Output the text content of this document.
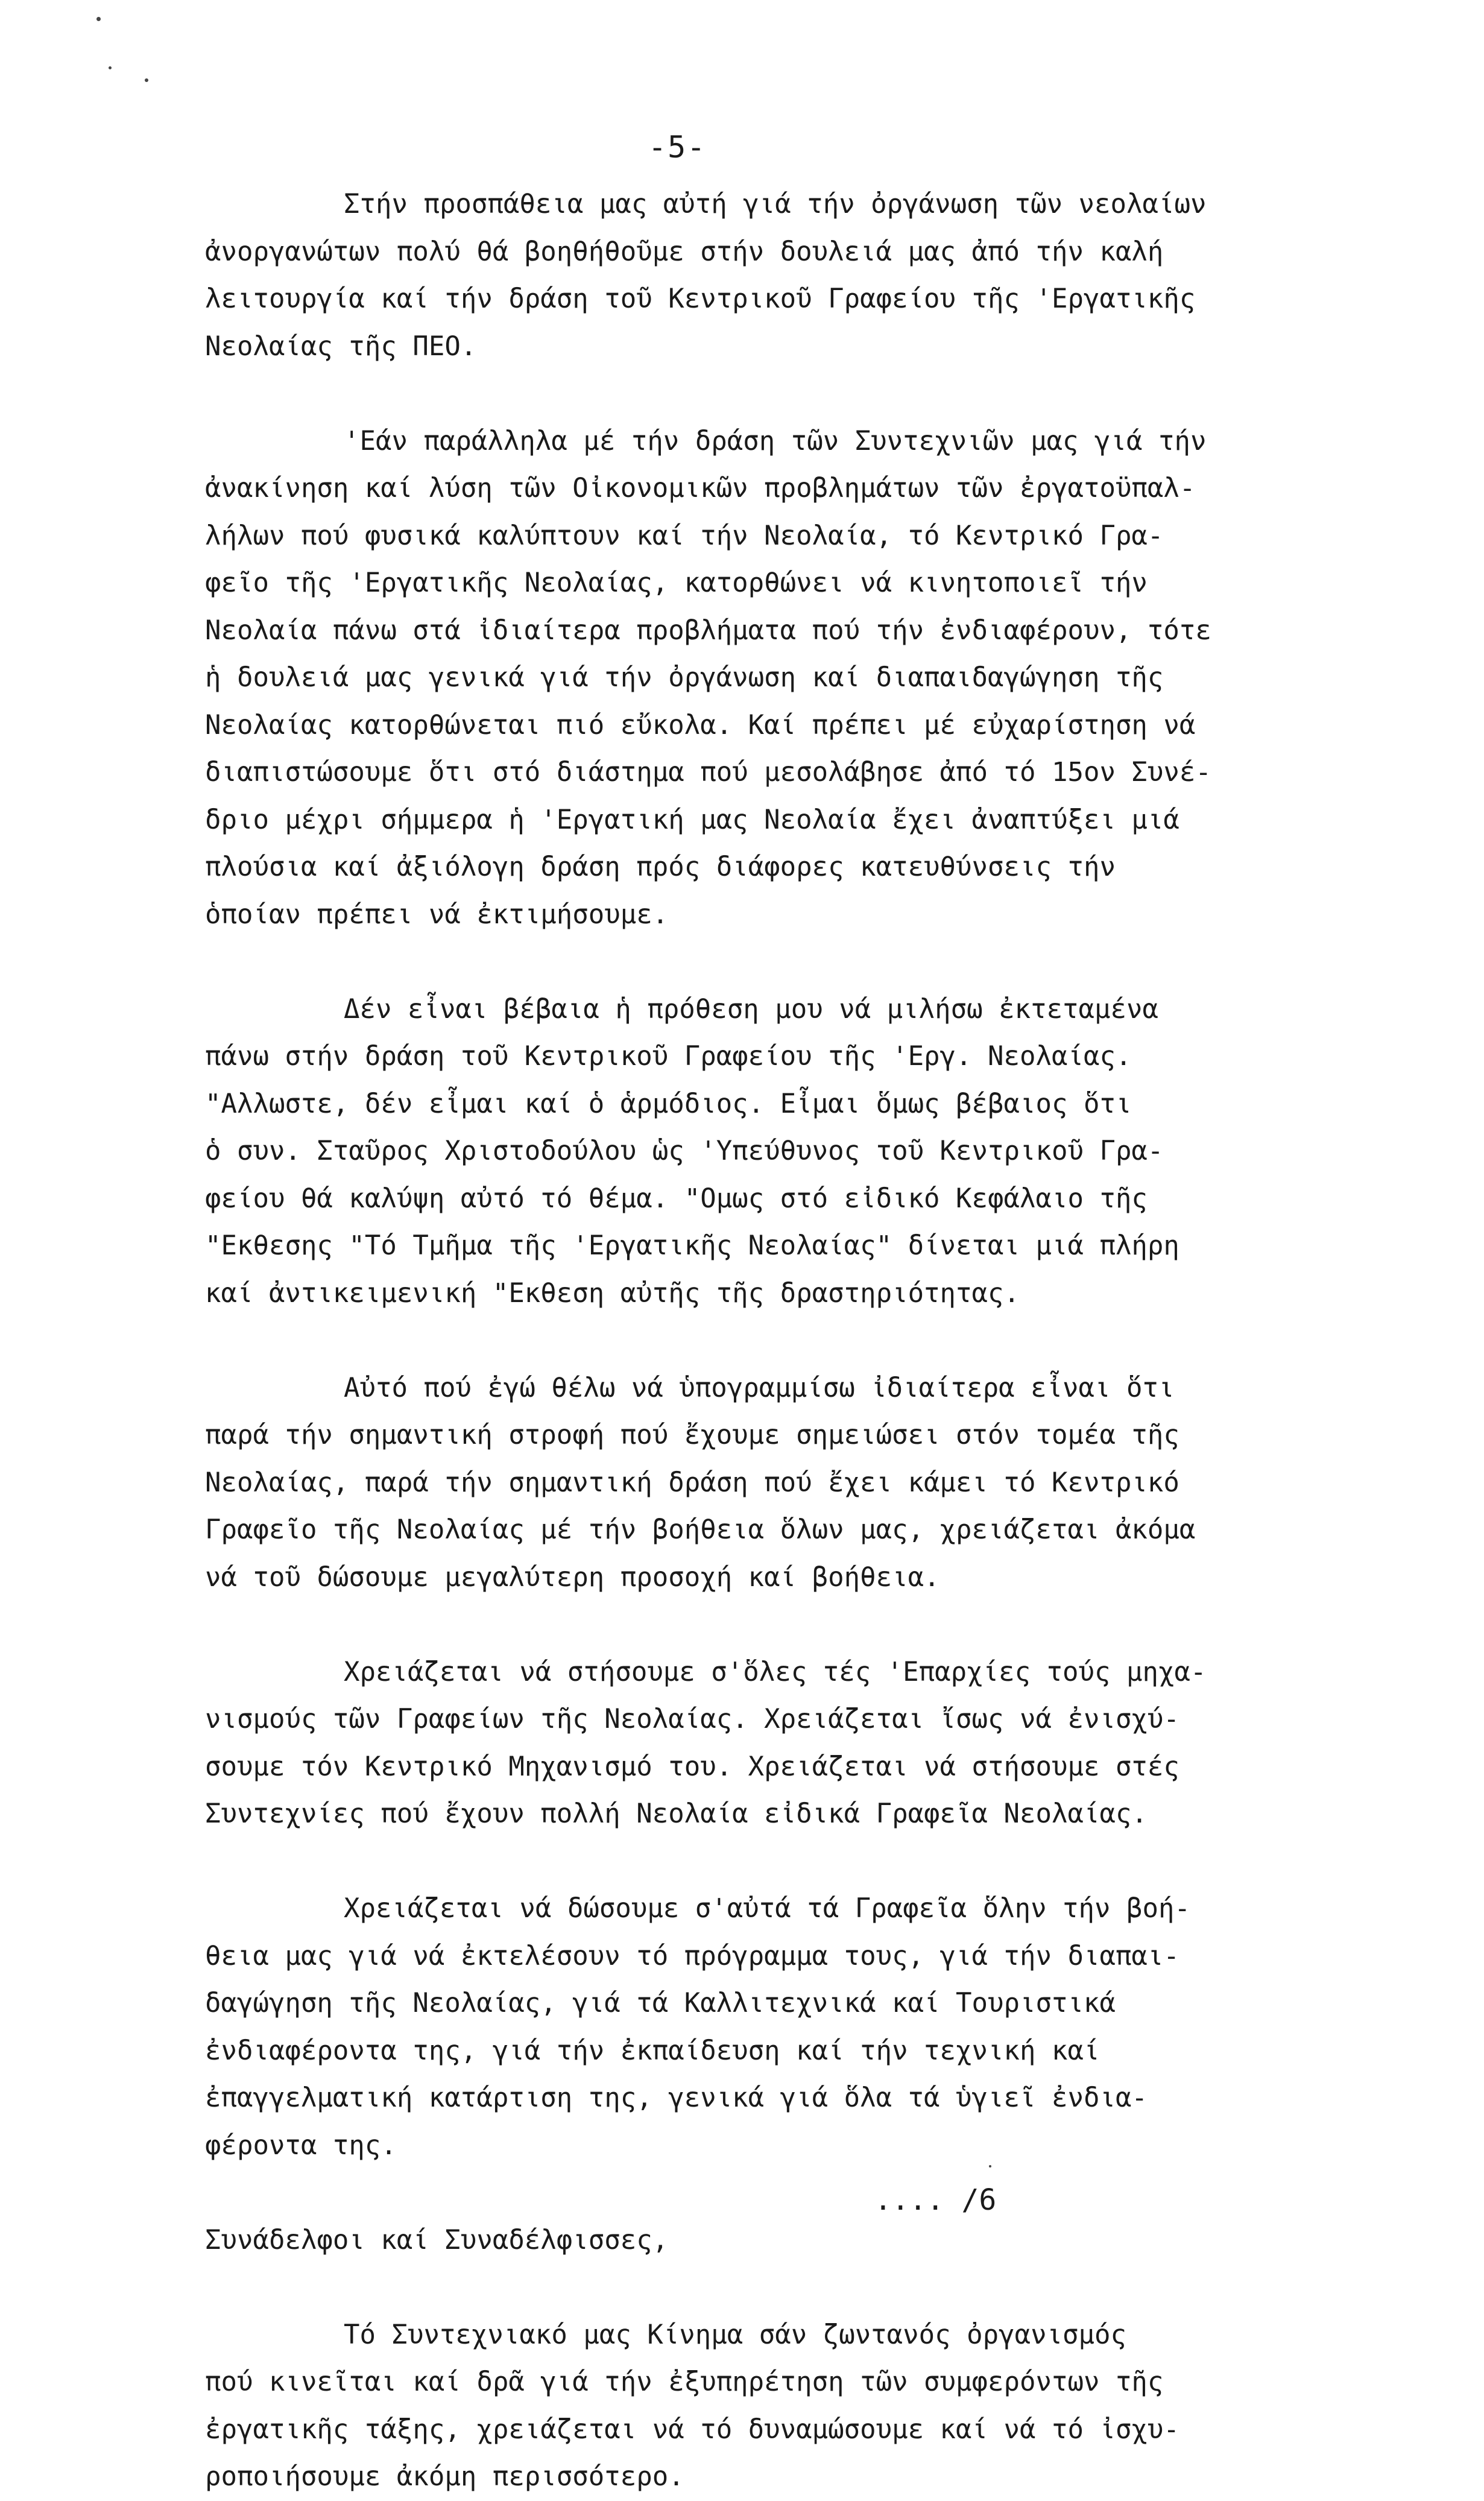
-5-
Στήν προσπάθεια μας αὐτή γιά τήν ὀργάνωση τῶν νεολαίων
ἀνοργανώτων πολύ θά βοηθήθοῦμε στήν δουλειά μας ἀπό τήν καλή
λειτουργία καί τήν δράση τοῦ Κεντρικοῦ Γραφείου τῆς 'Εργατικῆς
Νεολαίας τῆς ΠΕΟ.
'Εάν παράλληλα μέ τήν δράση τῶν Συντεχνιῶν μας γιά τήν
ἀνακίνηση καί λύση τῶν Οἰκονομικῶν προβλημάτων τῶν ἐργατοϋπαλ-
λήλων πού φυσικά καλύπτουν καί τήν Νεολαία, τό Κεντρικό Γρα-
φεῖο τῆς 'Εργατικῆς Νεολαίας, κατορθώνει νά κινητοποιεῖ τήν
Νεολαία πάνω στά ἰδιαίτερα προβλήματα πού τήν ἐνδιαφέρουν, τότε
ἡ δουλειά μας γενικά γιά τήν ὀργάνωση καί διαπαιδαγώγηση τῆς
Νεολαίας κατορθώνεται πιό εὔκολα. Καί πρέπει μέ εὐχαρίστηση νά
διαπιστώσουμε ὅτι στό διάστημα πού μεσολάβησε ἀπό τό 15ον Συνέ-
δριο μέχρι σήμμερα ἡ 'Εργατική μας Νεολαία ἔχει ἀναπτύξει μιά
πλούσια καί ἀξιόλογη δράση πρός διάφορες κατευθύνσεις τήν
ὁποίαν πρέπει νά ἐκτιμήσουμε.
Δέν εἶναι βέβαια ἡ πρόθεση μου νά μιλήσω ἐκτεταμένα
πάνω στήν δράση τοῦ Κεντρικοῦ Γραφείου τῆς 'Εργ. Νεολαίας.
"Αλλωστε, δέν εἶμαι καί ὁ ἁρμόδιος. Εἶμαι ὅμως βέβαιος ὅτι
ὁ συν. Σταῦρος Χριστοδούλου ὡς 'Υπεύθυνος τοῦ Κεντρικοῦ Γρα-
φείου θά καλύψη αὐτό τό θέμα. "Ομως στό εἰδικό Κεφάλαιο τῆς
"Εκθεσης "Τό Τμῆμα τῆς 'Εργατικῆς Νεολαίας" δίνεται μιά πλήρη
καί ἀντικειμενική "Εκθεση αὐτῆς τῆς δραστηριότητας.
Αὐτό πού ἐγώ θέλω νά ὑπογραμμίσω ἰδιαίτερα εἶναι ὅτι
παρά τήν σημαντική στροφή πού ἔχουμε σημειώσει στόν τομέα τῆς
Νεολαίας, παρά τήν σημαντική δράση πού ἔχει κάμει τό Κεντρικό
Γραφεῖο τῆς Νεολαίας μέ τήν βοήθεια ὅλων μας, χρειάζεται ἀκόμα
νά τοῦ δώσουμε μεγαλύτερη προσοχή καί βοήθεια.
Χρειάζεται νά στήσουμε σ'ὅλες τές 'Επαρχίες τούς μηχα-
νισμούς τῶν Γραφείων τῆς Νεολαίας. Χρειάζεται ἴσως νά ἐνισχύ-
σουμε τόν Κεντρικό Μηχανισμό του. Χρειάζεται νά στήσουμε στές
Συντεχνίες πού ἔχουν πολλή Νεολαία εἰδικά Γραφεῖα Νεολαίας.
Χρειάζεται νά δώσουμε σ'αὐτά τά Γραφεῖα ὅλην τήν βοή-
θεια μας γιά νά ἐκτελέσουν τό πρόγραμμα τους, γιά τήν διαπαι-
δαγώγηση τῆς Νεολαίας, γιά τά Καλλιτεχνικά καί Τουριστικά
ἐνδιαφέροντα της, γιά τήν ἐκπαίδευση καί τήν τεχνική καί
ἐπαγγελματική κατάρτιση της, γενικά γιά ὅλα τά ὑγιεῖ ἐνδια-
φέροντα της.
Συνάδελφοι καί Συναδέλφισσες,
Τό Συντεχνιακό μας Κίνημα σάν ζωντανός ὀργανισμός
πού κινεῖται καί δρᾶ γιά τήν ἐξυπηρέτηση τῶν συμφερόντων τῆς
ἐργατικῆς τάξης, χρειάζεται νά τό δυναμώσουμε καί νά τό ἰσχυ-
ροποιήσουμε ἀκόμη περισσότερο.
.... /6
